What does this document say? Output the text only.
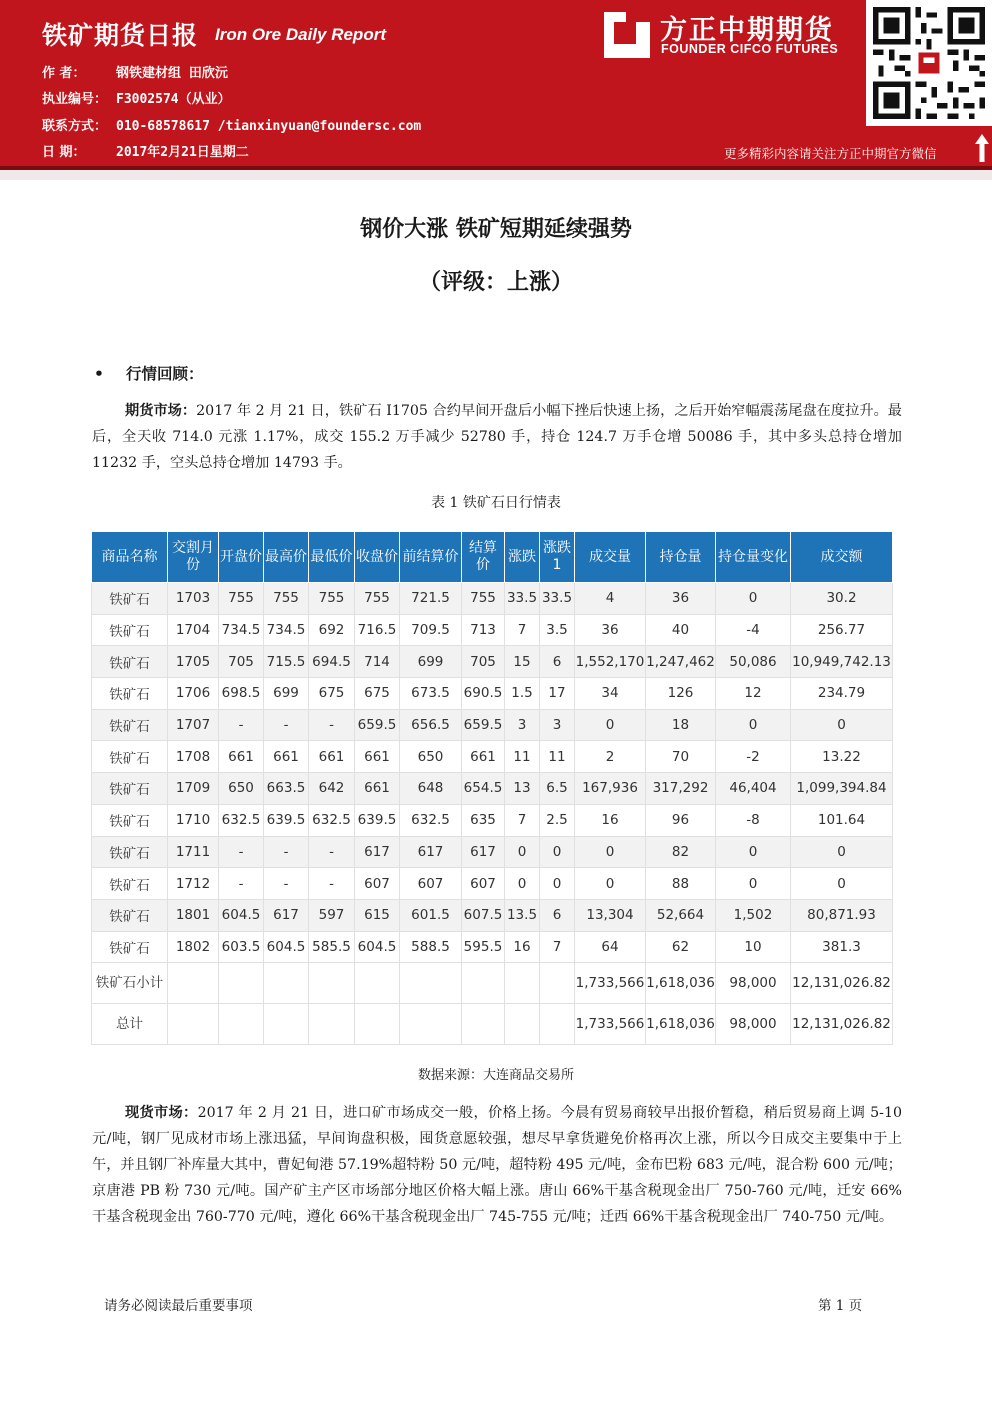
铁矿期货日报 Iron Ore Daily Report
作 者： 钢铁建材组 田欣沅
执业编号： F3002574（从业）
联系方式： 010-68578617 /tianxinyuan@foundersc.com
日 期： 2017年2月21日星期二
方正中期期货
FOUNDER CIFCO FUTURES
更多精彩内容请关注方正中期官方微信
钢价大涨 铁矿短期延续强势
（评级：上涨）
• 行情回顾：
期货市场：2017 年 2 月 21 日，铁矿石 I1705 合约早间开盘后小幅下挫后快速上扬，之后开始窄幅震荡尾盘在度拉升。最后，全天收 714.0 元涨 1.17%，成交 155.2 万手减少 52780 手，持仓 124.7 万手仓增 50086 手，其中多头总持仓增加 11232 手，空头总持仓增加 14793 手。
表 1 铁矿石日行情表
商品名称	交割月份	开盘价	最高价	最低价	收盘价	前结算价	结算价	涨跌	涨跌1	成交量	持仓量	持仓量变化	成交额
铁矿石	1703	755	755	755	755	721.5	755	33.5	33.5	4	36	0	30.2
铁矿石	1704	734.5	734.5	692	716.5	709.5	713	7	3.5	36	40	-4	256.77
铁矿石	1705	705	715.5	694.5	714	699	705	15	6	1,552,170	1,247,462	50,086	10,949,742.13
铁矿石	1706	698.5	699	675	675	673.5	690.5	1.5	17	34	126	12	234.79
铁矿石	1707	-	-	-	659.5	656.5	659.5	3	3	0	18	0	0
铁矿石	1708	661	661	661	661	650	661	11	11	2	70	-2	13.22
铁矿石	1709	650	663.5	642	661	648	654.5	13	6.5	167,936	317,292	46,404	1,099,394.84
铁矿石	1710	632.5	639.5	632.5	639.5	632.5	635	7	2.5	16	96	-8	101.64
铁矿石	1711	-	-	-	617	617	617	0	0	0	82	0	0
铁矿石	1712	-	-	-	607	607	607	0	0	0	88	0	0
铁矿石	1801	604.5	617	597	615	601.5	607.5	13.5	6	13,304	52,664	1,502	80,871.93
铁矿石	1802	603.5	604.5	585.5	604.5	588.5	595.5	16	7	64	62	10	381.3
铁矿石小计										1,733,566	1,618,036	98,000	12,131,026.82
总计										1,733,566	1,618,036	98,000	12,131,026.82
数据来源：大连商品交易所
现货市场：2017 年 2 月 21 日，进口矿市场成交一般，价格上扬。今晨有贸易商较早出报价暂稳，稍后贸易商上调 5-10 元/吨，钢厂见成材市场上涨迅猛，早间询盘积极，囤货意愿较强，想尽早拿货避免价格再次上涨，所以今日成交主要集中于上午，并且钢厂补库量大其中，曹妃甸港 57.19%超特粉 50 元/吨，超特粉 495 元/吨，金布巴粉 683 元/吨，混合粉 600 元/吨；京唐港 PB 粉 730 元/吨。国产矿主产区市场部分地区价格大幅上涨。唐山 66%干基含税现金出厂 750-760 元/吨，迁安 66%干基含税现金出 760-770 元/吨，遵化 66%干基含税现金出厂 745-755 元/吨；迁西 66%干基含税现金出厂 740-750 元/吨。
请务必阅读最后重要事项	第 1 页
